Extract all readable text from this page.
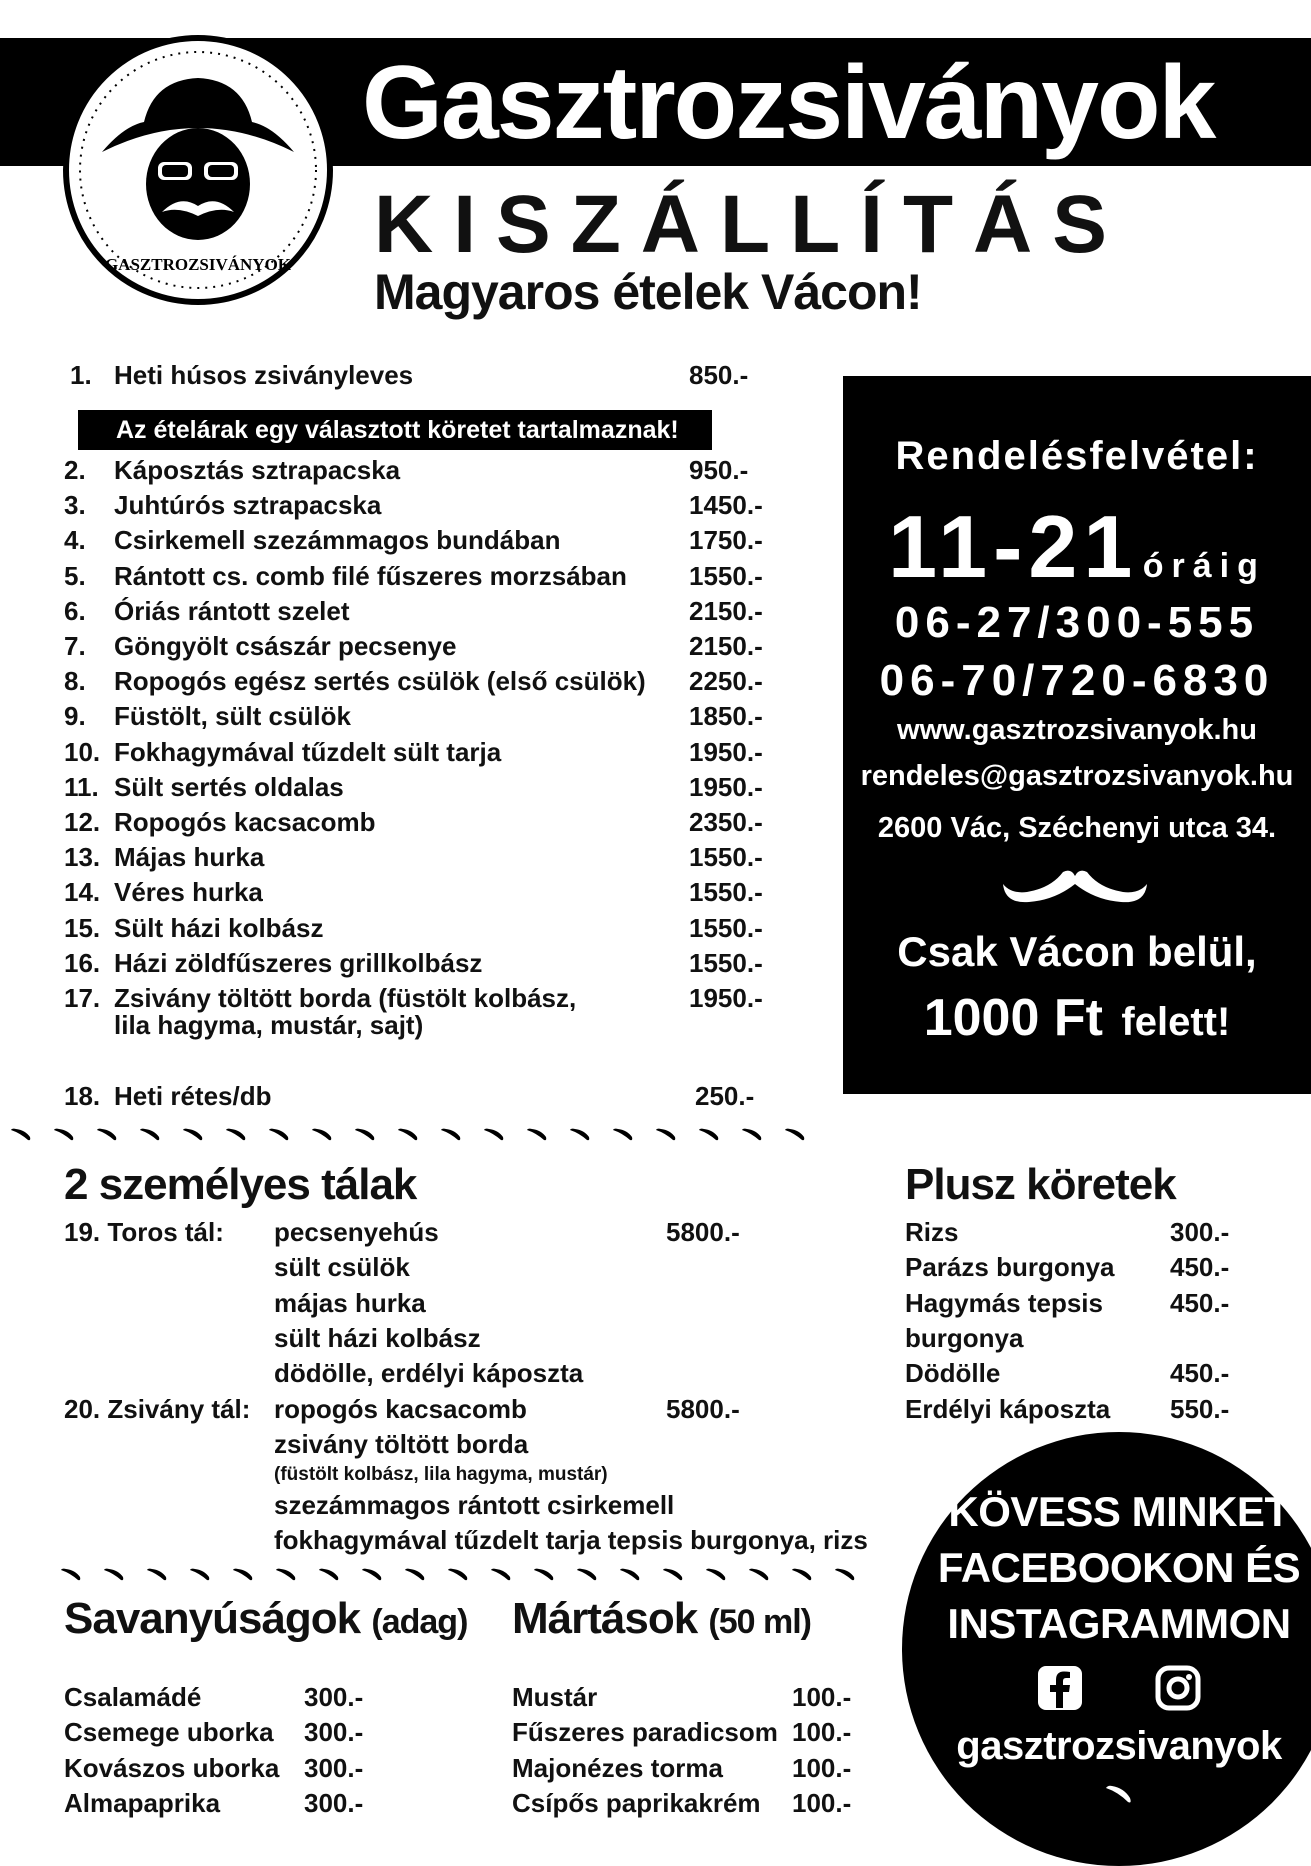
Gasztrozsiványok
GASZTROZSIVÁNYOK KISZÁLLÍTÁS
Magyaros ételek Vácon!
1. Heti húsos zsiványleves	850.-
Az ételárak egy választott köretet tartalmaznak!
2.	Káposztás sztrapacska	950.-
3.	Juhtúrós sztrapacska	1450.-
4.	Csirkemell szezámmagos bundában	1750.-
5.	Rántott cs. comb filé fűszeres morzsában 1550.-
6.	Óriás rántott szelet	2150.-
7.	Göngyölt császár pecsenye	2150.-
8.	Ropogós egész sertés csülök (első csülök) 2250.-
9.	Füstölt, sült csülök	1850.-
10. Fokhagymával tűzdelt sült tarja	1950.-
11. Sült sertés oldalas	1950.-
12. Ropogós kacsacomb	2350.-
13. Májas hurka	1550.-
14. Véres hurka	1550.-
15. Sült házi kolbász	1550.-
16. Házi zöldfűszeres grillkolbász	1550.-
17. Zsivány töltött borda (füstölt kolbász,	1950.-
lila hagyma, mustár, sajt)
18. Heti rétes/db	250.-
Rendelésfelvétel:
11-21 óráig
06-27/300-555
06-70/720-6830
www.gasztrozsivanyok.hu
rendeles@gasztrozsivanyok.hu
2600 Vác, Széchenyi utca 34.
Csak Vácon belül,
1000 Ft felett!
2 személyes tálak
19. Toros tál:	5800.-
pecsenyehús
sült csülök
májas hurka
sült házi kolbász
dödölle, erdélyi káposzta
20. Zsivány tál:	5800.-
ropogós kacsacomb
zsivány töltött borda
(füstölt kolbász, lila hagyma, mustár)
szezámmagos rántott csirkemell
fokhagymával tűzdelt tarja tepsis burgonya, rizs
Plusz köretek
Rizs	300.-
Parázs burgonya 450.-
Hagymás tepsis	450.-
burgonya
Dödölle	450.-
Erdélyi káposzta 550.-
Savanyúságok (adag)
Csalamádé	300.-
Csemege uborka 300.-
Kovászos uborka 300.-
Almapaprika	300.-
Mártások (50 ml)
Mustár	100.-
Fűszeres paradicsom 100.-
Majonézes torma	100.-
Csípős paprikakrém 100.-
KÖVESS MINKET
FACEBOOKON ÉS
INSTAGRAMMON
gasztrozsivanyok
